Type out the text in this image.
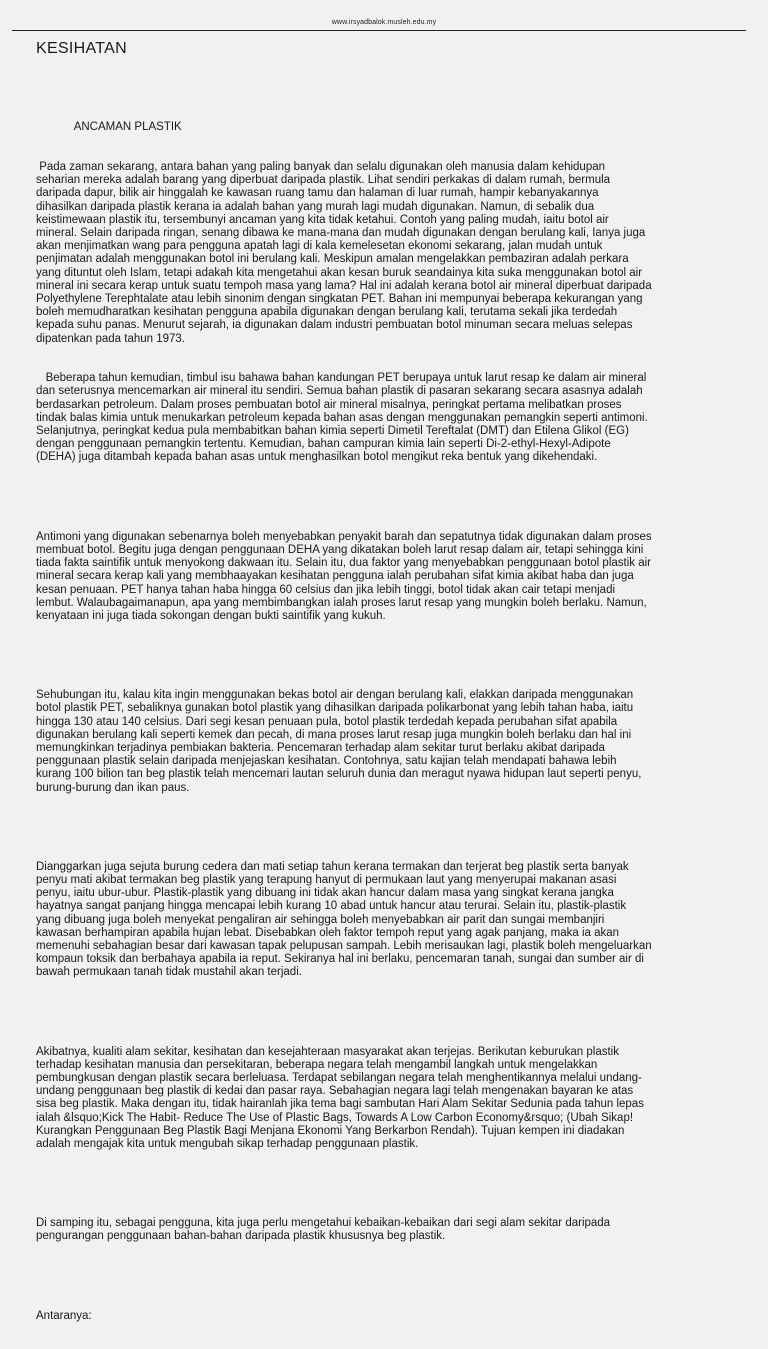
www.irsyadbalok.musleh.edu.my
KESIHATAN

ANCAMAN PLASTIK

Pada zaman sekarang, antara bahan yang paling banyak dan selalu digunakan oleh manusia dalam kehidupan
seharian mereka adalah barang yang diperbuat daripada plastik. Lihat sendiri perkakas di dalam rumah, bermula
daripada dapur, bilik air hinggalah ke kawasan ruang tamu dan halaman di luar rumah, hampir kebanyakannya
dihasilkan daripada plastik kerana ia adalah bahan yang murah lagi mudah digunakan. Namun, di sebalik dua
keistimewaan plastik itu, tersembunyi ancaman yang kita tidak ketahui. Contoh yang paling mudah, iaitu botol air
mineral. Selain daripada ringan, senang dibawa ke mana-mana dan mudah digunakan dengan berulang kali, Ianya juga
akan menjimatkan wang para pengguna apatah lagi di kala kemelesetan ekonomi sekarang, jalan mudah untuk
penjimatan adalah menggunakan botol ini berulang kali. Meskipun amalan mengelakkan pembaziran adalah perkara
yang dituntut oleh Islam, tetapi adakah kita mengetahui akan kesan buruk seandainya kita suka menggunakan botol air
mineral ini secara kerap untuk suatu tempoh masa yang lama? Hal ini adalah kerana botol air mineral diperbuat daripada
Polyethylene Terephtalate atau lebih sinonim dengan singkatan PET. Bahan ini mempunyai beberapa kekurangan yang
boleh memudharatkan kesihatan pengguna apabila digunakan dengan berulang kali, terutama sekali jika terdedah
kepada suhu panas. Menurut sejarah, ia digunakan dalam industri pembuatan botol minuman secara meluas selepas
dipatenkan pada tahun 1973.

Beberapa tahun kemudian, timbul isu bahawa bahan kandungan PET berupaya untuk larut resap ke dalam air mineral
dan seterusnya mencemarkan air mineral itu sendiri. Semua bahan plastik di pasaran sekarang secara asasnya adalah
berdasarkan petroleum. Dalam proses pembuatan botol air mineral misalnya, peringkat pertama melibatkan proses
tindak balas kimia untuk menukarkan petroleum kepada bahan asas dengan menggunakan pemangkin seperti antimoni.
Selanjutnya, peringkat kedua pula membabitkan bahan kimia seperti Dimetil Tereftalat (DMT) dan Etilena Glikol (EG)
dengan penggunaan pemangkin tertentu. Kemudian, bahan campuran kimia lain seperti Di-2-ethyl-Hexyl-Adipote
(DEHA) juga ditambah kepada bahan asas untuk menghasilkan botol mengikut reka bentuk yang dikehendaki.

Antimoni yang digunakan sebenarnya boleh menyebabkan penyakit barah dan sepatutnya tidak digunakan dalam proses
membuat botol. Begitu juga dengan penggunaan DEHA yang dikatakan boleh larut resap dalam air, tetapi sehingga kini
tiada fakta saintifik untuk menyokong dakwaan itu. Selain itu, dua faktor yang menyebabkan penggunaan botol plastik air
mineral secara kerap kali yang membhaayakan kesihatan pengguna ialah perubahan sifat kimia akibat haba dan juga
kesan penuaan. PET hanya tahan haba hingga 60 celsius dan jika lebih tinggi, botol tidak akan cair tetapi menjadi
lembut. Walaubagaimanapun, apa yang membimbangkan ialah proses larut resap yang mungkin boleh berlaku. Namun,
kenyataan ini juga tiada sokongan dengan bukti saintifik yang kukuh.

Sehubungan itu, kalau kita ingin menggunakan bekas botol air dengan berulang kali, elakkan daripada menggunakan
botol plastik PET, sebaliknya gunakan botol plastik yang dihasilkan daripada polikarbonat yang lebih tahan haba, iaitu
hingga 130 atau 140 celsius. Dari segi kesan penuaan pula, botol plastik terdedah kepada perubahan sifat apabila
digunakan berulang kali seperti kemek dan pecah, di mana proses larut resap juga mungkin boleh berlaku dan hal ini
memungkinkan terjadinya pembiakan bakteria. Pencemaran terhadap alam sekitar turut berlaku akibat daripada
penggunaan plastik selain daripada menjejaskan kesihatan. Contohnya, satu kajian telah mendapati bahawa lebih
kurang 100 bilion tan beg plastik telah mencemari lautan seluruh dunia dan meragut nyawa hidupan laut seperti penyu,
burung-burung dan ikan paus.

Dianggarkan juga sejuta burung cedera dan mati setiap tahun kerana termakan dan terjerat beg plastik serta banyak
penyu mati akibat termakan beg plastik yang terapung hanyut di permukaan laut yang menyerupai makanan asasi
penyu, iaitu ubur-ubur. Plastik-plastik yang dibuang ini tidak akan hancur dalam masa yang singkat kerana jangka
hayatnya sangat panjang hingga mencapai lebih kurang 10 abad untuk hancur atau terurai. Selain itu, plastik-plastik
yang dibuang juga boleh menyekat pengaliran air sehingga boleh menyebabkan air parit dan sungai membanjiri
kawasan berhampiran apabila hujan lebat. Disebabkan oleh faktor tempoh reput yang agak panjang, maka ia akan
memenuhi sebahagian besar dari kawasan tapak pelupusan sampah. Lebih merisaukan lagi, plastik boleh mengeluarkan
kompaun toksik dan berbahaya apabila ia reput. Sekiranya hal ini berlaku, pencemaran tanah, sungai dan sumber air di
bawah permukaan tanah tidak mustahil akan terjadi.

Akibatnya, kualiti alam sekitar, kesihatan dan kesejahteraan masyarakat akan terjejas. Berikutan keburukan plastik
terhadap kesihatan manusia dan persekitaran, beberapa negara telah mengambil langkah untuk mengelakkan
pembungkusan dengan plastik secara berleluasa. Terdapat sebilangan negara telah menghentikannya melalui undang-
undang penggunaan beg plastik di kedai dan pasar raya. Sebahagian negara lagi telah mengenakan bayaran ke atas
sisa beg plastik. Maka dengan itu, tidak hairanlah jika tema bagi sambutan Hari Alam Sekitar Sedunia pada tahun lepas
ialah &lsquo;Kick The Habit- Reduce The Use of Plastic Bags, Towards A Low Carbon Economy&rsquo; (Ubah Sikap!
Kurangkan Penggunaan Beg Plastik Bagi Menjana Ekonomi Yang Berkarbon Rendah). Tujuan kempen ini diadakan
adalah mengajak kita untuk mengubah sikap terhadap penggunaan plastik.

Di samping itu, sebagai pengguna, kita juga perlu mengetahui kebaikan-kebaikan dari segi alam sekitar daripada
pengurangan penggunaan bahan-bahan daripada plastik khususnya beg plastik.

Antaranya:
